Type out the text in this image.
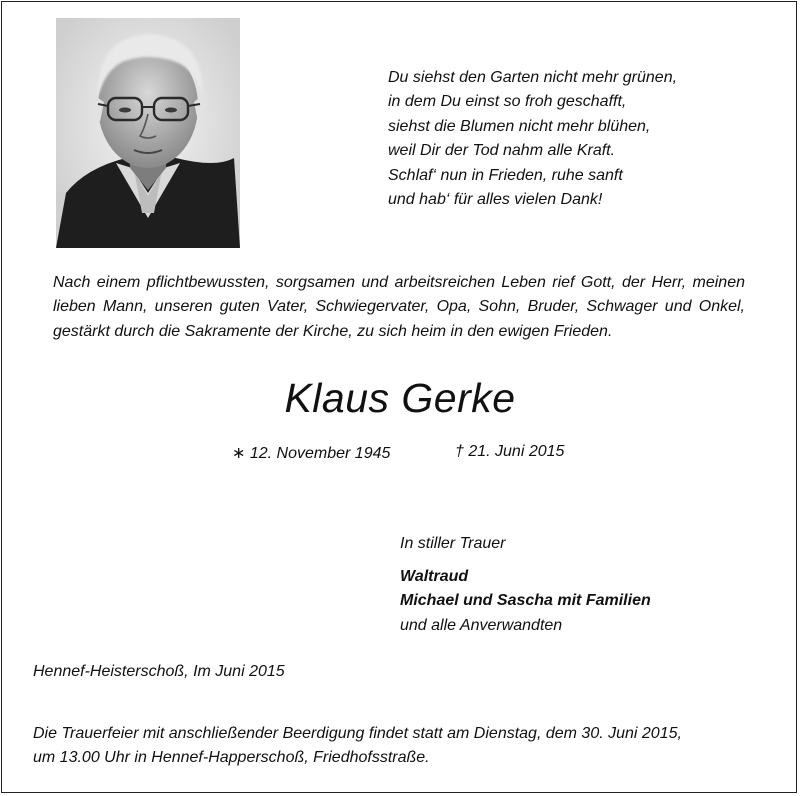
Du siehst den Garten nicht mehr grünen,
in dem Du einst so froh geschafft,
siehst die Blumen nicht mehr blühen,
weil Dir der Tod nahm alle Kraft.
Schlaf‘ nun in Frieden, ruhe sanft
und hab‘ für alles vielen Dank!
Nach einem pflichtbewussten, sorgsamen und arbeitsreichen Leben rief Gott, der Herr, meinen lieben Mann, unseren guten Vater, Schwiegervater, Opa, Sohn, Bruder, Schwager und Onkel, gestärkt durch die Sakramente der Kirche, zu sich heim in den ewigen Frieden.
Klaus Gerke
∗ 12. November 1945	† 21. Juni 2015
In stiller Trauer
Waltraud
Michael und Sascha mit Familien
und alle Anverwandten
Hennef-Heisterschoß, Im Juni 2015
Die Trauerfeier mit anschließender Beerdigung findet statt am Dienstag, dem 30. Juni 2015,
um 13.00 Uhr in Hennef-Happerschoß, Friedhofsstraße.
